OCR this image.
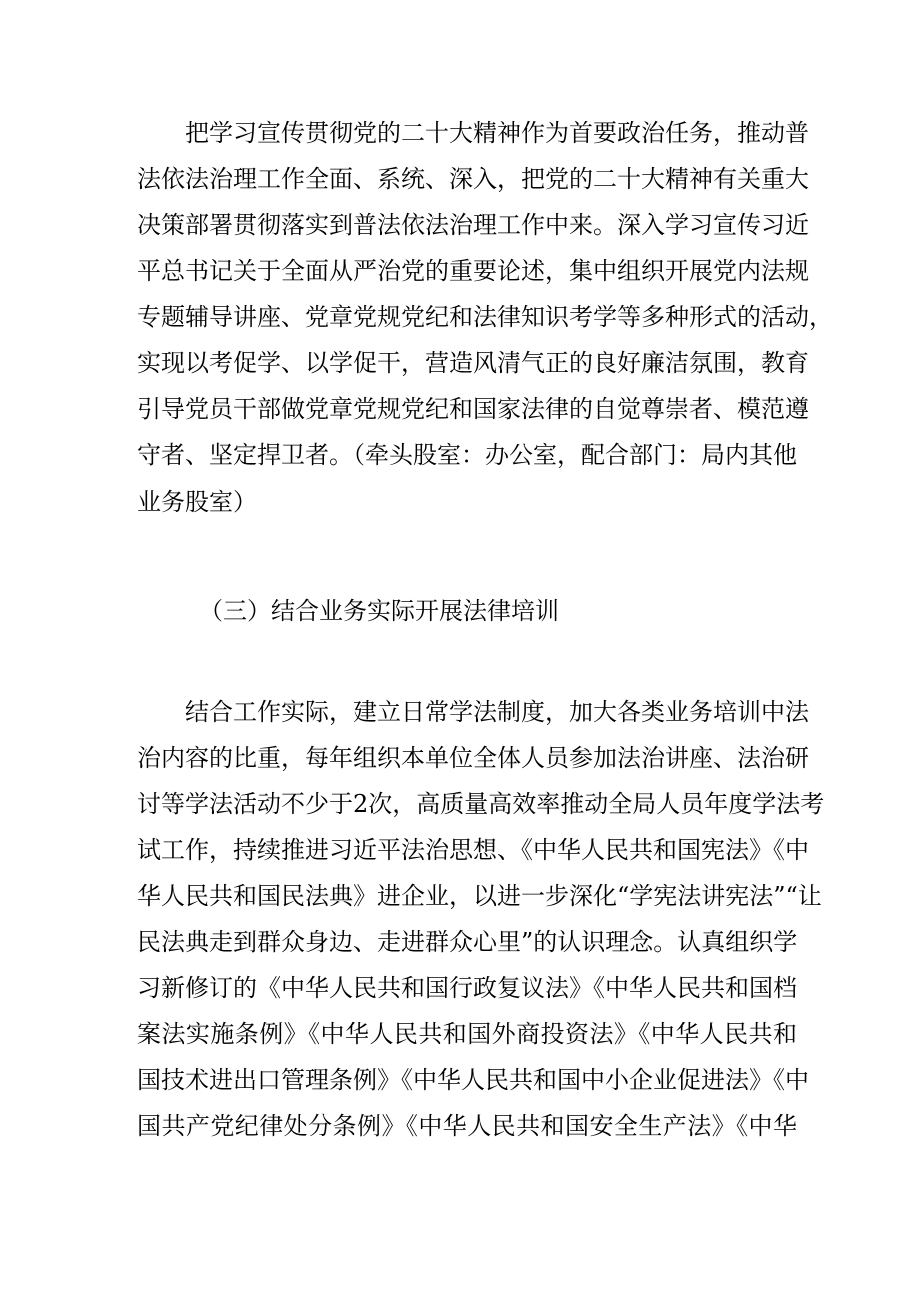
把学习宣传贯彻党的二十大精神作为首要政治任务，推动普
法依法治理工作全面、系统、深入，把党的二十大精神有关重大
决策部署贯彻落实到普法依法治理工作中来。深入学习宣传习近
平总书记关于全面从严治党的重要论述，集中组织开展党内法规
专题辅导讲座、党章党规党纪和法律知识考学等多种形式的活动，
实现以考促学、以学促干，营造风清气正的良好廉洁氛围，教育
引导党员干部做党章党规党纪和国家法律的自觉尊崇者、模范遵
守者、坚定捍卫者。（牵头股室：办公室，配合部门：局内其他
业务股室）
（三）结合业务实际开展法律培训
结合工作实际，建立日常学法制度，加大各类业务培训中法
治内容的比重，每年组织本单位全体人员参加法治讲座、法治研
讨等学法活动不少于2次，高质量高效率推动全局人员年度学法考
试工作，持续推进习近平法治思想、《中华人民共和国宪法》《中
华人民共和国民法典》进企业，以进一步深化“学宪法讲宪法”“让
民法典走到群众身边、走进群众心里”的认识理念。认真组织学
习新修订的《中华人民共和国行政复议法》《中华人民共和国档
案法实施条例》《中华人民共和国外商投资法》《中华人民共和
国技术进出口管理条例》《中华人民共和国中小企业促进法》《中
国共产党纪律处分条例》《中华人民共和国安全生产法》《中华
